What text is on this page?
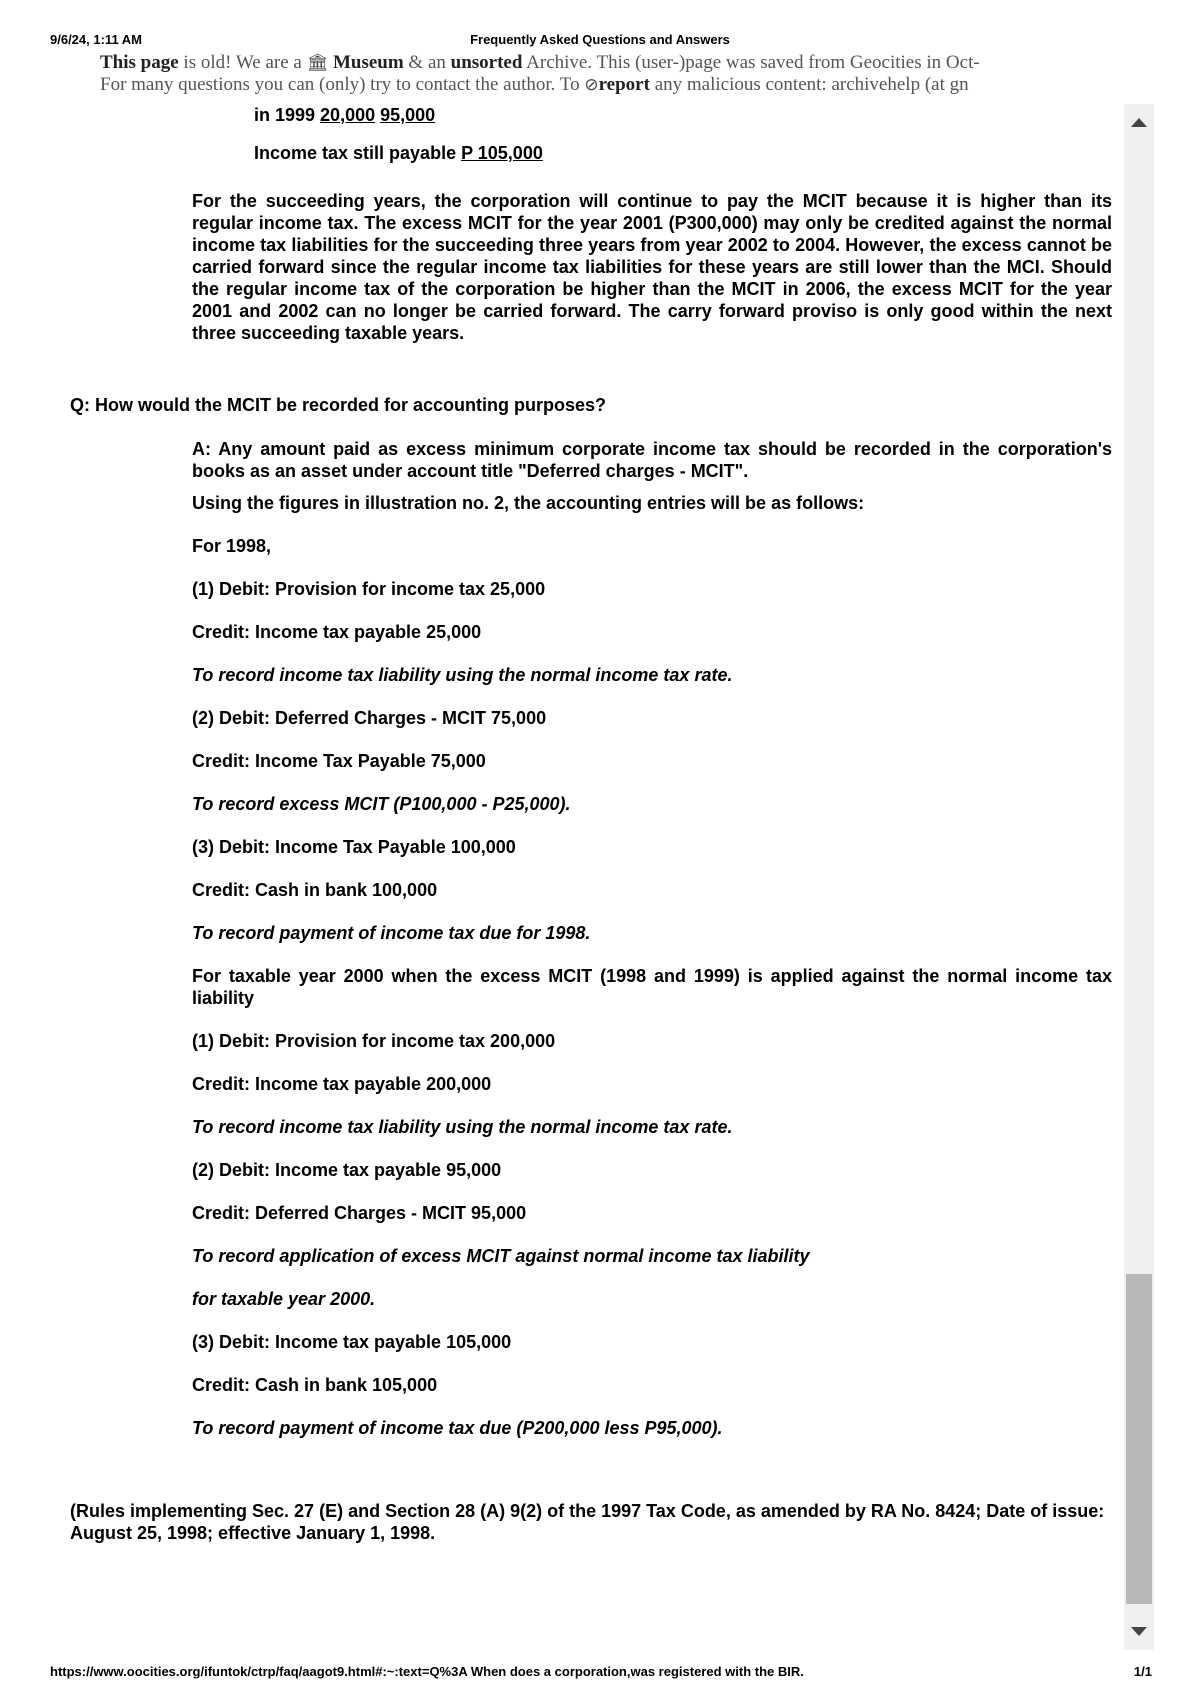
9/6/24, 1:11 AM	Frequently Asked Questions and Answers
This page is old! We are a 🏛 Museum & an unsorted Archive. This (user-)page was saved from Geocities in Oct-
For many questions you can (only) try to contact the author. To ⊘report any malicious content: archivehelp (at gn
in 1999 20,000 95,000
Income tax still payable P 105,000
For the succeeding years, the corporation will continue to pay the MCIT because it is higher than its regular income tax. The excess MCIT for the year 2001 (P300,000) may only be credited against the normal income tax liabilities for the succeeding three years from year 2002 to 2004. However, the excess cannot be carried forward since the regular income tax liabilities for these years are still lower than the MCI. Should the regular income tax of the corporation be higher than the MCIT in 2006, the excess MCIT for the year 2001 and 2002 can no longer be carried forward. The carry forward proviso is only good within the next three succeeding taxable years.
Q: How would the MCIT be recorded for accounting purposes?
A: Any amount paid as excess minimum corporate income tax should be recorded in the corporation's books as an asset under account title "Deferred charges - MCIT".
Using the figures in illustration no. 2, the accounting entries will be as follows:
For 1998,
(1) Debit: Provision for income tax 25,000
Credit: Income tax payable 25,000
To record income tax liability using the normal income tax rate.
(2) Debit: Deferred Charges - MCIT 75,000
Credit: Income Tax Payable 75,000
To record excess MCIT (P100,000 - P25,000).
(3) Debit: Income Tax Payable 100,000
Credit: Cash in bank 100,000
To record payment of income tax due for 1998.
For taxable year 2000 when the excess MCIT (1998 and 1999) is applied against the normal income tax liability
(1) Debit: Provision for income tax 200,000
Credit: Income tax payable 200,000
To record income tax liability using the normal income tax rate.
(2) Debit: Income tax payable 95,000
Credit: Deferred Charges - MCIT 95,000
To record application of excess MCIT against normal income tax liability
for taxable year 2000.
(3) Debit: Income tax payable 105,000
Credit: Cash in bank 105,000
To record payment of income tax due (P200,000 less P95,000).
(Rules implementing Sec. 27 (E) and Section 28 (A) 9(2) of the 1997 Tax Code, as amended by RA No. 8424; Date of issue: August 25, 1998; effective January 1, 1998.
https://www.oocities.org/ifuntok/ctrp/faq/aagot9.html#:~:text=Q%3A When does a corporation,was registered with the BIR.	1/1
